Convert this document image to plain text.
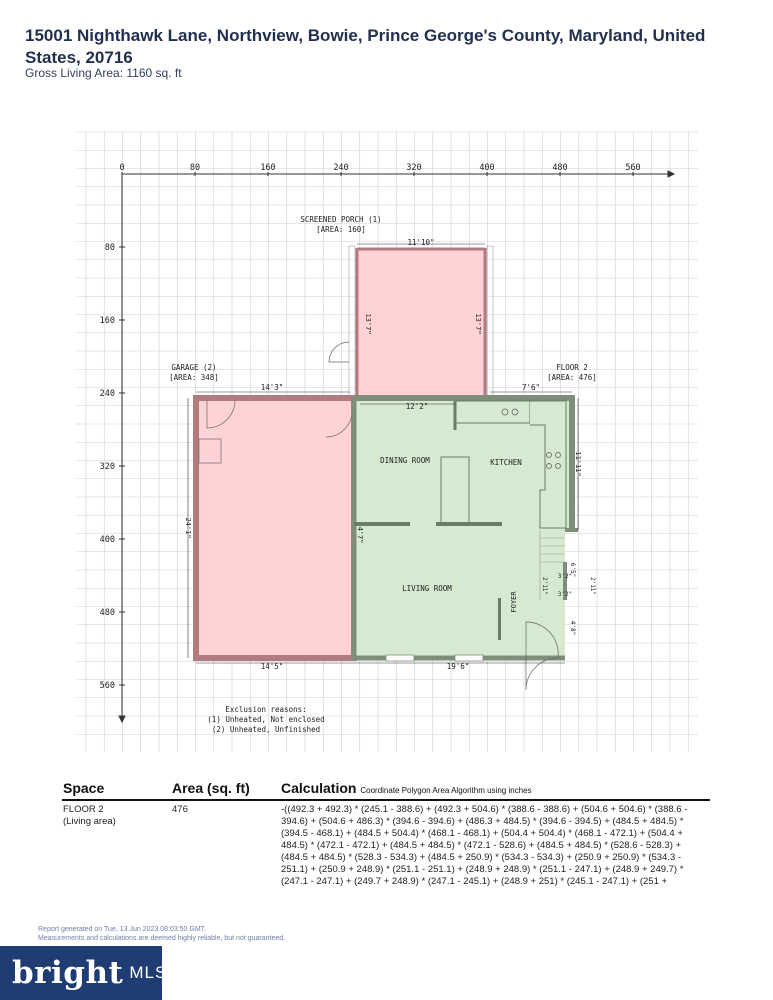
15001 Nighthawk Lane, Northview, Bowie, Prince George's County, Maryland, United States, 20716
Gross Living Area: 1160 sq. ft
0	80	160	240	320	400	480	560
80
160
240
320
400
480
560
SCREENED PORCH (1)
[AREA: 160]
11'10"
GARAGE (2)
[AREA: 348]
FLOOR 2
[AREA: 476]
14'3"	7'6"
12'2"
14'5"	19'6"
DINING ROOM	KITCHEN
LIVING ROOM
Exclusion reasons:
(1) Unheated, Not enclosed
(2) Unheated, Unfinished
3'2"
3'2"
13'7"	13'7"
24'1"
11'11"
4'7"
FOYER
6'5"
2'11"	2'11"
4'8"
Space	Area (sq. ft) Calculation Coordinate Polygon Area Algorithm using inches
FLOOR 2
(Living area)
476	-((492.3 + 492.3) * (245.1 - 388.6) + (492.3 + 504.6) * (388.6 - 388.6) + (504.6 + 504.6) * (388.6 - 394.6) + (504.6 + 486.3) * (394.6 - 394.6) + (486.3 + 484.5) * (394.6 - 394.5) + (484.5 + 484.5) * (394.5 - 468.1) + (484.5 + 504.4) * (468.1 - 468.1) + (504.4 + 504.4) * (468.1 - 472.1) + (504.4 + 484.5) * (472.1 - 472.1) + (484.5 + 484.5) * (472.1 - 528.6) + (484.5 + 484.5) * (528.6 - 528.3) + (484.5 + 484.5) * (528.3 - 534.3) + (484.5 + 250.9) * (534.3 - 534.3) + (250.9 + 250.9) * (534.3 - 251.1) + (250.9 + 248.9) * (251.1 - 251.1) + (248.9 + 248.9) * (251.1 - 247.1) + (248.9 + 249.7) * (247.1 - 247.1) + (249.7 + 248.9) * (247.1 - 245.1) + (248.9 + 251) * (245.1 - 247.1) + (251 +

Report generated on Tue, 13 Jun 2023 08:03:50 GMT.
Measurements and calculations are deemed highly reliable, but not guaranteed.
bright MLS
